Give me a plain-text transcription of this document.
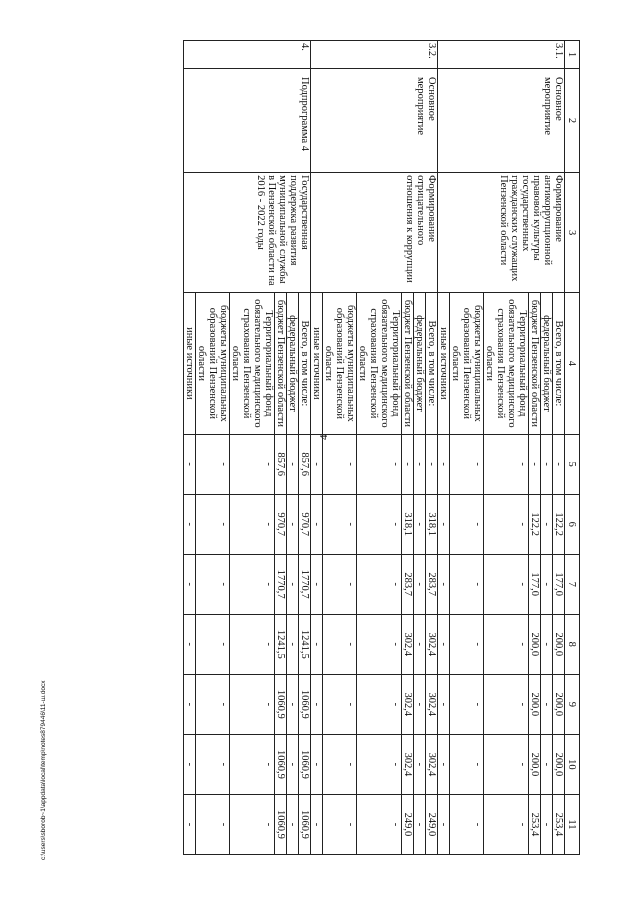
4
c:\users\sborob~1\appdata\local\temp\notes879446\11-ш.docx
1	2	3	4	5	6	7	8	9	10	11
3.1.	Основное мероприятие	Формирование антикоррупционной правовой культуры государственных гражданских служащих Пензенской области	Всего, в том числе:	-	122,2	177,0	200,0	200,0	200,0	253,4
			федеральный бюджет	-	-	-	-	-	-	-
			бюджет Пензенской области	-	122,2	177,0	200,0	200,0	200,0	253,4
			Территориальный фонд обязательного медицинского страхования Пензенской области	-	-	-	-	-	-	-
			бюджеты муниципальных образований Пензенской области	-	-	-	-	-	-	-
			иные источники	-	-	-	-	-	-	-
3.2.	Основное мероприятие	Формирование отрицательного отношения к коррупции	Всего, в том числе:	-	318,1	283,7	302,4	302,4	302,4	249,0
			федеральный бюджет	-	-	-	-	-	-	-
			бюджет Пензенской области	-	318,1	283,7	302,4	302,4	302,4	249,0
			Территориальный фонд обязательного медицинского страхования Пензенской области	-	-	-	-	-	-	-
			бюджеты муниципальных образований Пензенской области	-	-	-	-	-	-	-
			иные источники	-	-	-	-	-	-	-
4.	Подпрограмма 4	Государственная поддержка развития муниципальной службы в Пензенской области на 2016 - 2022 годы	Всего, в том числе:	857,6	970,7	1770,7	1241,5	1060,9	1060,9	1060,9
			федеральный бюджет	-	-	-	-	-	-	-
			бюджет Пензенской области	857,6	970,7	1770,7	1241,5	1060,9	1060,9	1060,9
			Территориальный фонд обязательного медицинского страхования Пензенской области	-	-	-	-	-	-	-
			бюджеты муниципальных образований Пензенской области	-	-	-	-	-	-	-
			иные источники	-	-	-	-	-	-	-
